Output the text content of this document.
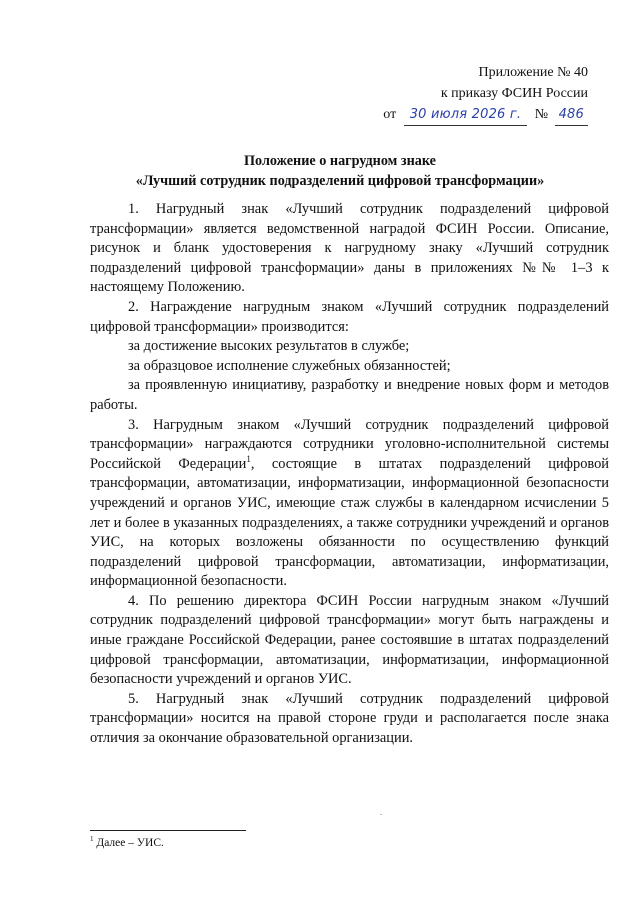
Приложение № 40
к приказу ФСИН России
от 30 июля 2026 г. № 486
Положение о нагрудном знаке
«Лучший сотрудник подразделений цифровой трансформации»

1. Нагрудный знак «Лучший сотрудник подразделений цифровой трансформации» является ведомственной наградой ФСИН России. Описание, рисунок и бланк удостоверения к нагрудному знаку «Лучший сотрудник подразделений цифровой трансформации» даны в приложениях №№ 1–3 к настоящему Положению.

2. Награждение нагрудным знаком «Лучший сотрудник подразделений цифровой трансформации» производится:

за достижение высоких результатов в службе;

за образцовое исполнение служебных обязанностей;

за проявленную инициативу, разработку и внедрение новых форм и методов работы.

3. Нагрудным знаком «Лучший сотрудник подразделений цифровой трансформации» награждаются сотрудники уголовно-исполнительной системы Российской Федерации$^1$, состоящие в штатах подразделений цифровой трансформации, автоматизации, информатизации, информационной безопасности учреждений и органов УИС, имеющие стаж службы в календарном исчислении 5 лет и более в указанных подразделениях, а также сотрудники учреждений и органов УИС, на которых возложены обязанности по осуществлению функций подразделений цифровой трансформации, автоматизации, информатизации, информационной безопасности.

4. По решению директора ФСИН России нагрудным знаком «Лучший сотрудник подразделений цифровой трансформации» могут быть награждены и иные граждане Российской Федерации, ранее состоявшие в штатах подразделений цифровой трансформации, автоматизации, информатизации, информационной безопасности учреждений и органов УИС.

5. Нагрудный знак «Лучший сотрудник подразделений цифровой трансформации» носится на правой стороне груди и располагается после знака отличия за окончание образовательной организации.

.
$^1$ Далее – УИС.
